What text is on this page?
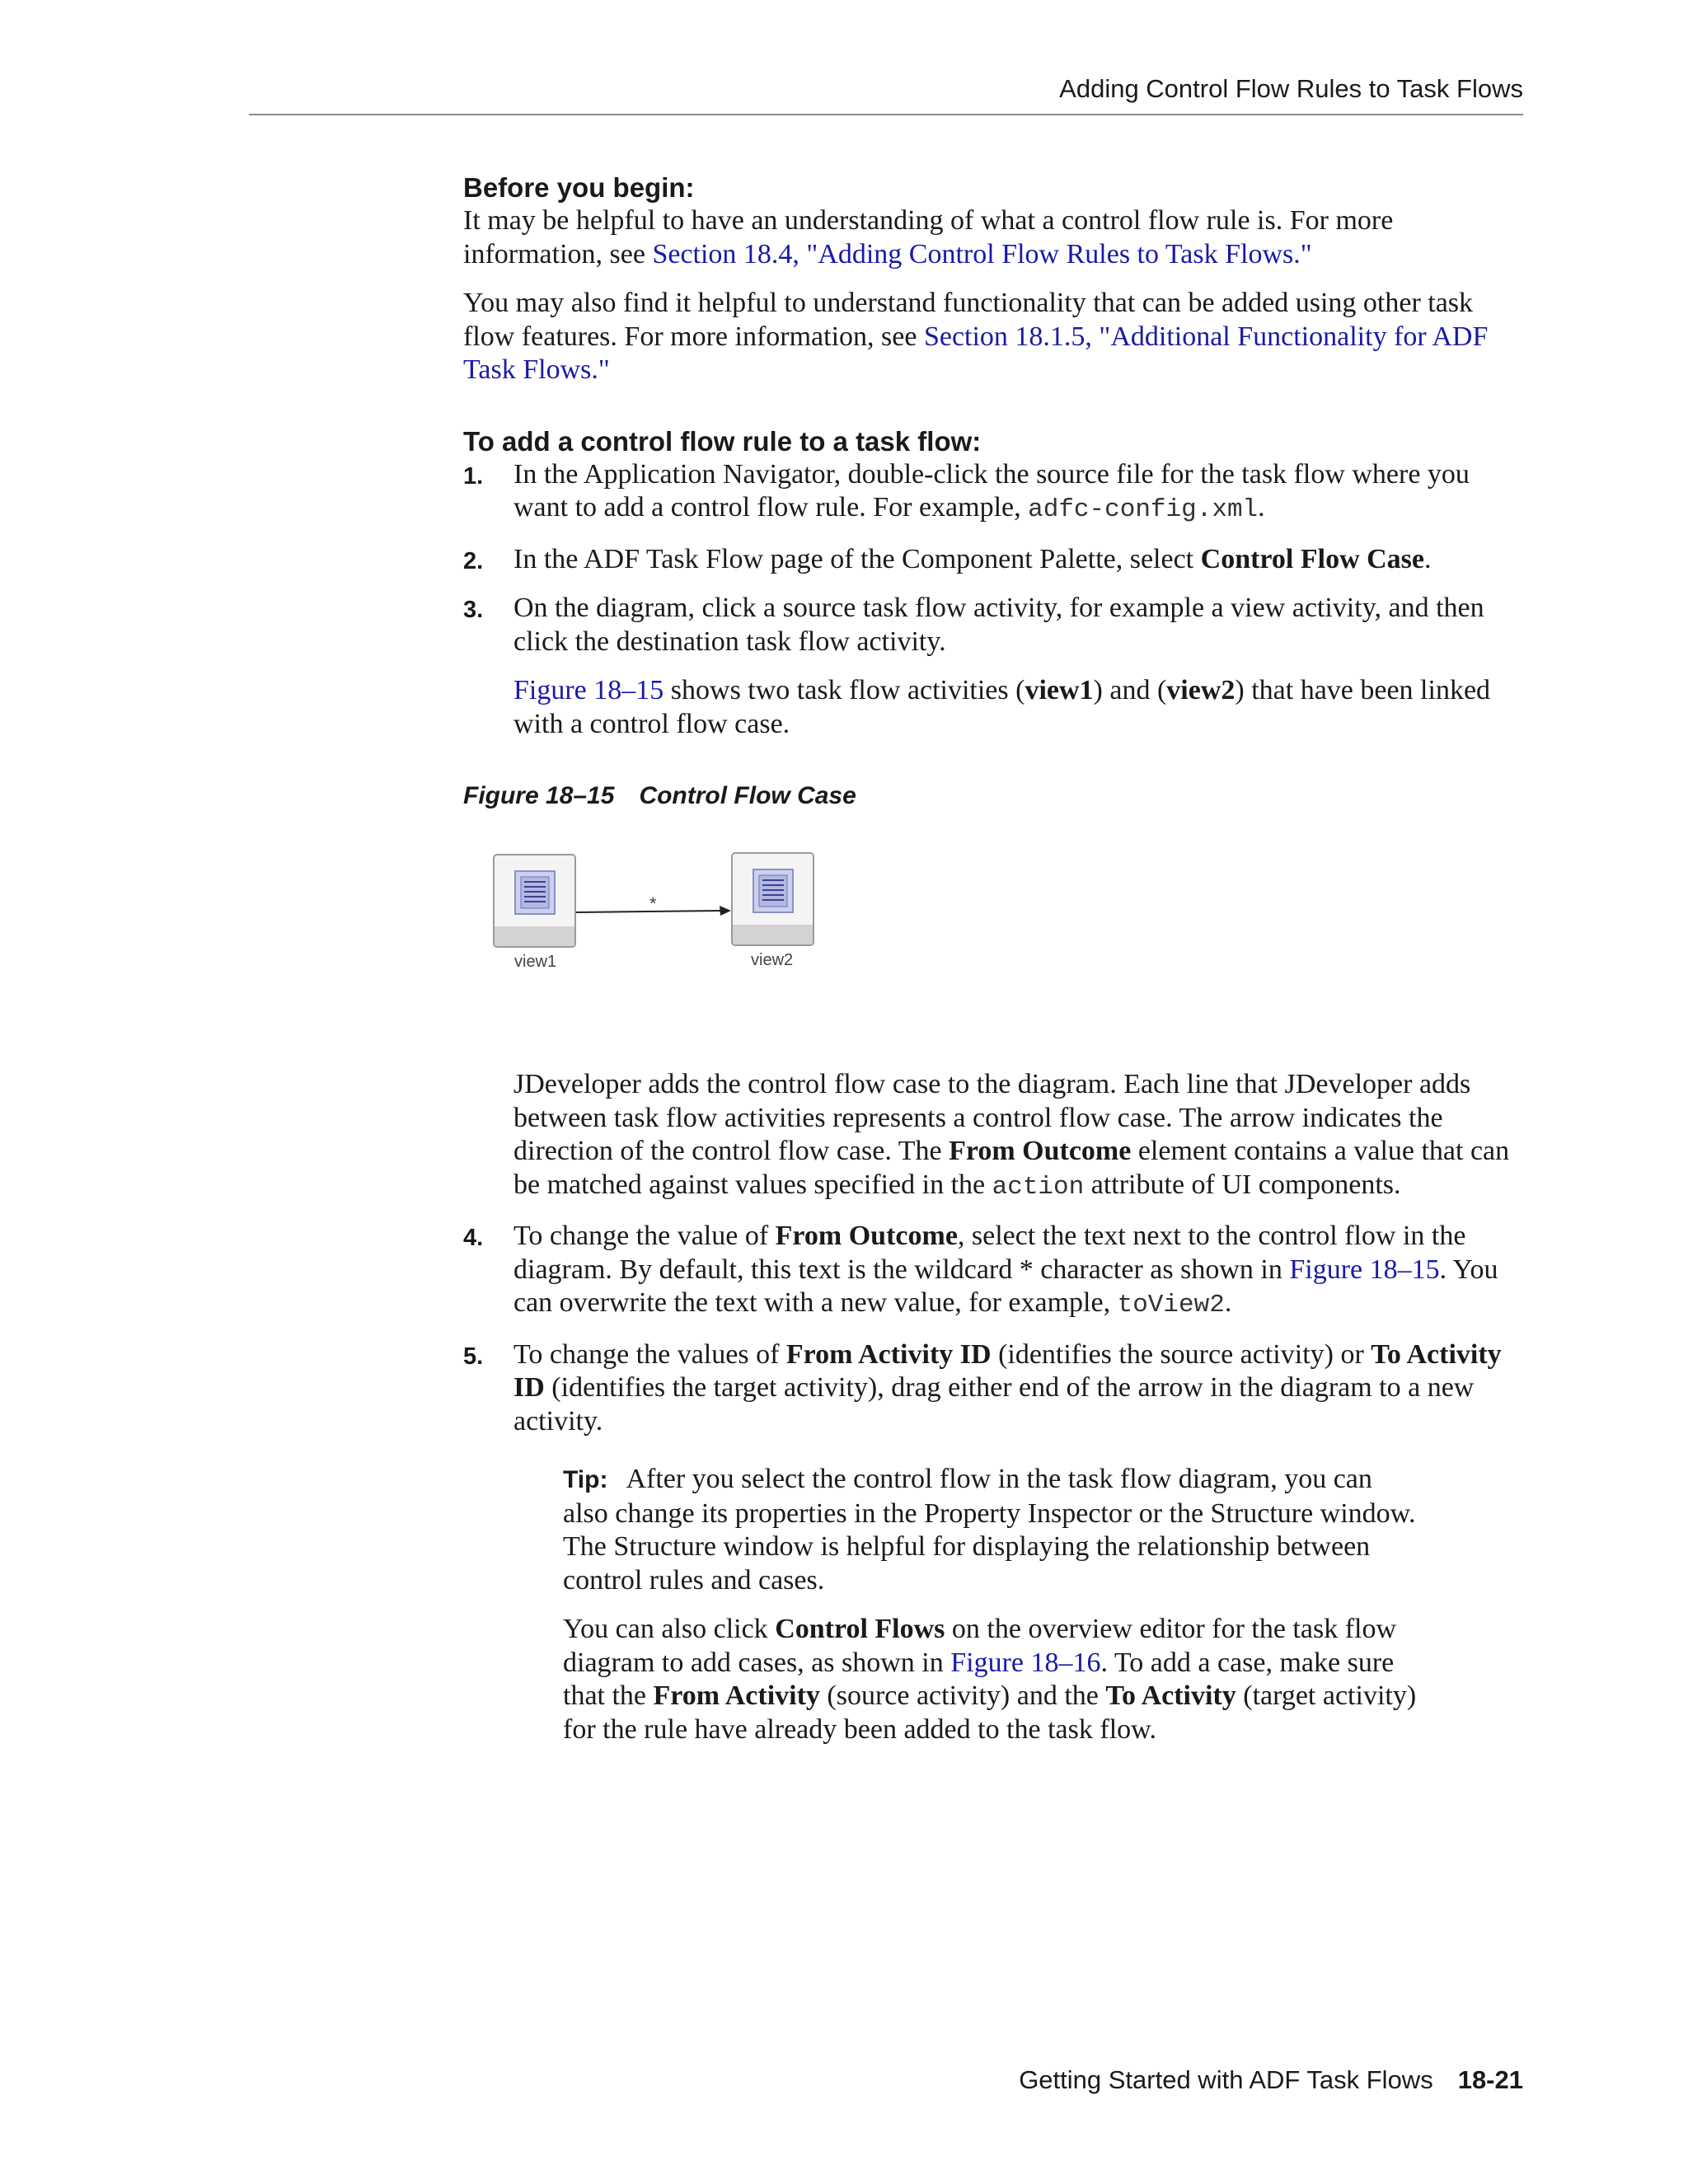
Adding Control Flow Rules to Task Flows
Before you begin:

It may be helpful to have an understanding of what a control flow rule is. For more information, see Section 18.4, "Adding Control Flow Rules to Task Flows."

You may also find it helpful to understand functionality that can be added using other task flow features. For more information, see Section 18.1.5, "Additional Functionality for ADF Task Flows."

To add a control flow rule to a task flow:

1. In the Application Navigator, double-click the source file for the task flow where you want to add a control flow rule. For example, adfc-config.xml.

2. In the ADF Task Flow page of the Component Palette, select Control Flow Case.

3. On the diagram, click a source task flow activity, for example a view activity, and then click the destination task flow activity.

Figure 18–15 shows two task flow activities (view1) and (view2) that have been linked with a control flow case.

Figure 18–15 Control Flow Case

*
view1	view2

JDeveloper adds the control flow case to the diagram. Each line that JDeveloper adds between task flow activities represents a control flow case. The arrow indicates the direction of the control flow case. The From Outcome element contains a value that can be matched against values specified in the action attribute of UI components.

4. To change the value of From Outcome, select the text next to the control flow in the diagram. By default, this text is the wildcard * character as shown in Figure 18–15. You can overwrite the text with a new value, for example, toView2.

5. To change the values of From Activity ID (identifies the source activity) or To Activity ID (identifies the target activity), drag either end of the arrow in the diagram to a new activity.

Tip: After you select the control flow in the task flow diagram, you can also change its properties in the Property Inspector or the Structure window. The Structure window is helpful for displaying the relationship between control rules and cases.

You can also click Control Flows on the overview editor for the task flow diagram to add cases, as shown in Figure 18–16. To add a case, make sure that the From Activity (source activity) and the To Activity (target activity) for the rule have already been added to the task flow.

Getting Started with ADF Task Flows 18-21
